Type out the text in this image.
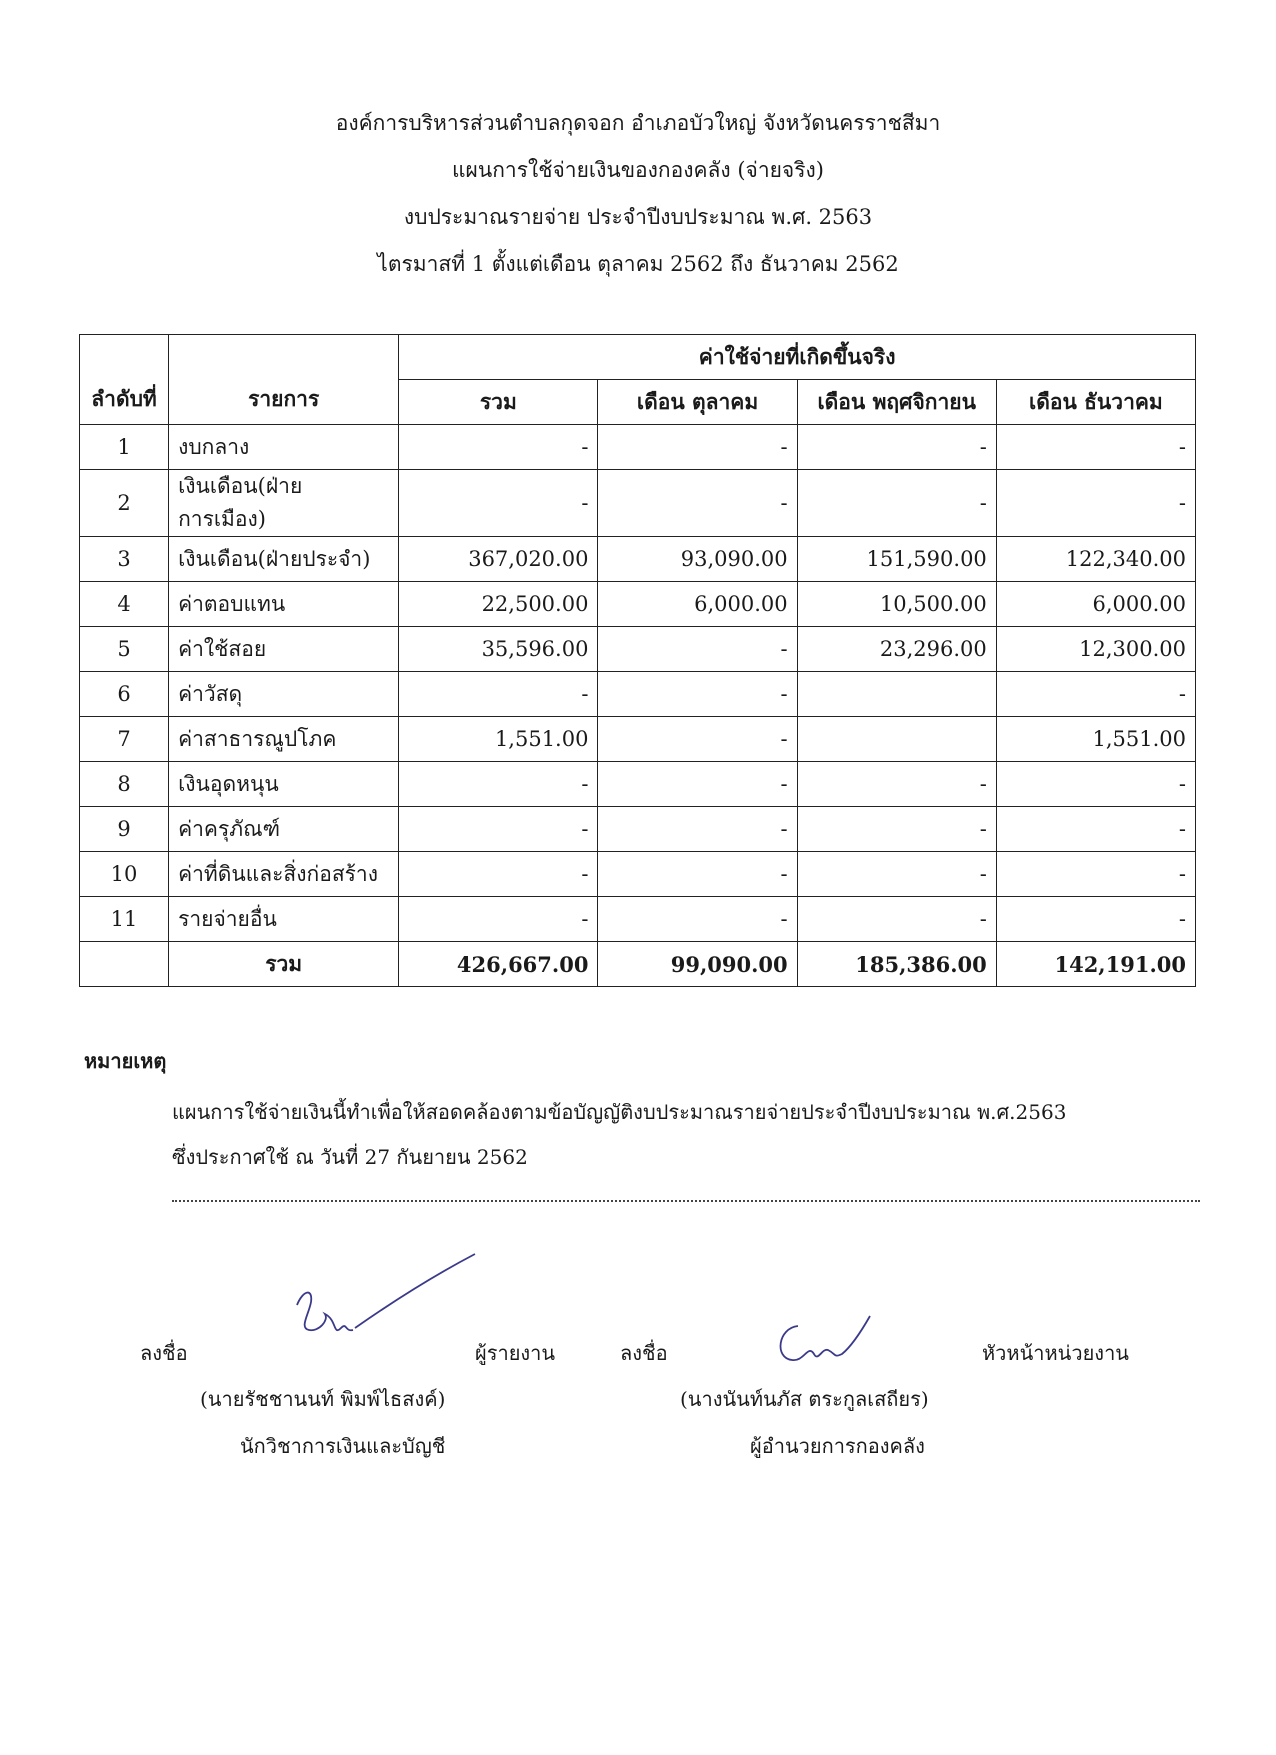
องค์การบริหารส่วนตำบลกุดจอก อำเภอบัวใหญ่ จังหวัดนครราชสีมา
แผนการใช้จ่ายเงินของกองคลัง (จ่ายจริง)
งบประมาณรายจ่าย ประจำปีงบประมาณ พ.ศ. 2563
ไตรมาสที่ 1 ตั้งแต่เดือน ตุลาคม 2562 ถึง ธันวาคม 2562
ลำดับที่	รายการ	ค่าใช้จ่ายที่เกิดขึ้นจริง			
		รวม	เดือน ตุลาคม	เดือน พฤศจิกายน	เดือน ธันวาคม
1	งบกลาง	-	-	-	-
2	เงินเดือน(ฝ่ายการเมือง)	-	-	-	-
3	เงินเดือน(ฝ่ายประจำ)	367,020.00	93,090.00	151,590.00	122,340.00
4	ค่าตอบแทน	22,500.00	6,000.00	10,500.00	6,000.00
5	ค่าใช้สอย	35,596.00	-	23,296.00	12,300.00
6	ค่าวัสดุ	-	-		-
7	ค่าสาธารณูปโภค	1,551.00	-		1,551.00
8	เงินอุดหนุน	-	-	-	-
9	ค่าครุภัณฑ์	-	-	-	-
10	ค่าที่ดินและสิ่งก่อสร้าง	-	-	-	-
11	รายจ่ายอื่น	-	-	-	-
	รวม	426,667.00	99,090.00	185,386.00	142,191.00
หมายเหตุ
แผนการใช้จ่ายเงินนี้ทำเพื่อให้สอดคล้องตามข้อบัญญัติงบประมาณรายจ่ายประจำปีงบประมาณ พ.ศ.2563
ซึ่งประกาศใช้ ณ วันที่ 27 กันยายน 2562
ลงชื่อ	ผู้รายงาน
(นายรัชชานนท์ พิมพ์ไธสงค์)
นักวิชาการเงินและบัญชี
ลงชื่อ	หัวหน้าหน่วยงาน
(นางนันท์นภัส ตระกูลเสถียร)
ผู้อำนวยการกองคลัง
